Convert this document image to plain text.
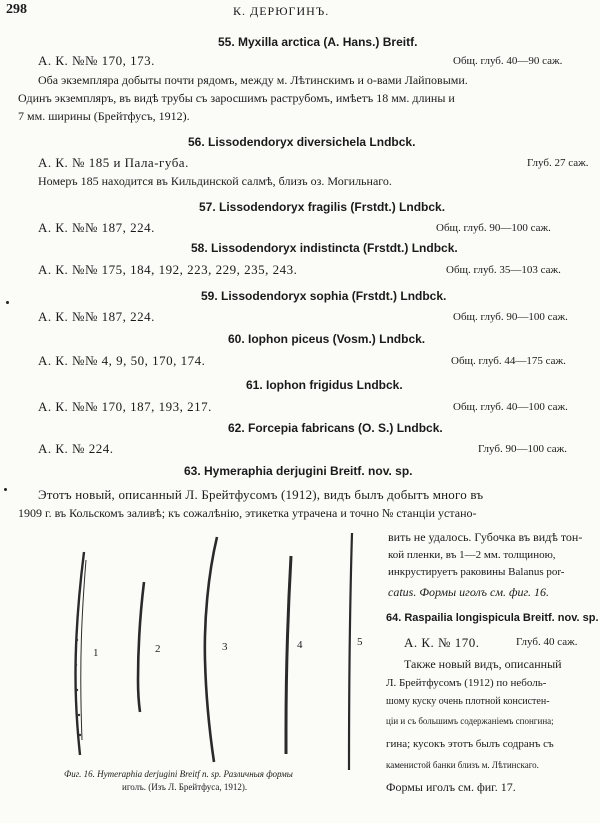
298	К. ДЕРЮГИНЪ.
55. Myxilla arctica (A. Hans.) Breitf.
А. К. №№ 170, 173.	Общ. глуб. 40—90 саж.
Оба экземпляра добыты почти рядомъ, между м. Лѣтинскимъ и о-вами Лайповыми.
Одинъ экземпляръ, въ видѣ трубы съ заросшимъ раструбомъ, имѣетъ 18 мм. длины и
7 мм. ширины (Брейтфусъ, 1912).
56. Lissodendoryx diversichela Lndbck.
А. К. № 185 и Пала-губа.	Глуб. 27 саж.
Номеръ 185 находится въ Кильдинской салмѣ, близъ оз. Могильнаго.
57. Lissodendoryx fragilis (Frstdt.) Lndbck.
А. К. №№ 187, 224.	Общ. глуб. 90—100 саж.
58. Lissodendoryx indistincta (Frstdt.) Lndbck.
А. К. №№ 175, 184, 192, 223, 229, 235, 243.	Общ. глуб. 35—103 саж.
59. Lissodendoryx sophia (Frstdt.) Lndbck.
А. К. №№ 187, 224.	Общ. глуб. 90—100 саж.
60. Iophon piceus (Vosm.) Lndbck.
А. К. №№ 4, 9, 50, 170, 174.	Общ. глуб. 44—175 саж.
61. Iophon frigidus Lndbck.
А. К. №№ 170, 187, 193, 217.	Общ. глуб. 40—100 саж.
62. Forcepia fabricans (O. S.) Lndbck.
А. К. № 224.	Глуб. 90—100 саж.
63. Hymeraphia derjugini Breitf. nov. sp.
Этотъ новый, описанный Л. Брейтфусомъ (1912), видъ былъ добытъ много въ
1909 г. въ Кольскомъ заливѣ; къ сожалѣнію, этикетка утрачена и точно № станціи устано-
вить не удалось. Губочка въ видѣ тон-
кой пленки, въ 1—2 мм. толщиною,
инкрустируетъ раковины Balanus por-
catus. Формы иголъ см. фиг. 16.
64. Raspailia longispicula Breitf. nov. sp.
А. К. № 170.	Глуб. 40 саж.
Также новый видъ, описанный
Л. Брейтфусомъ (1912) по неболь-
шому куску очень плотной консистен-
ціи и съ большимъ содержаніемъ спонгина;
гина; кусокъ этотъ былъ содранъ съ
каменистой банки близъ м. Лѣтинскаго.
Формы иголъ см. фиг. 17.
1	2	3	4	5
Фиг. 16. Hymeraphia derjugini Breitf n. sp. Различныя формы
иголъ. (Изъ Л. Брейтфуса, 1912).
